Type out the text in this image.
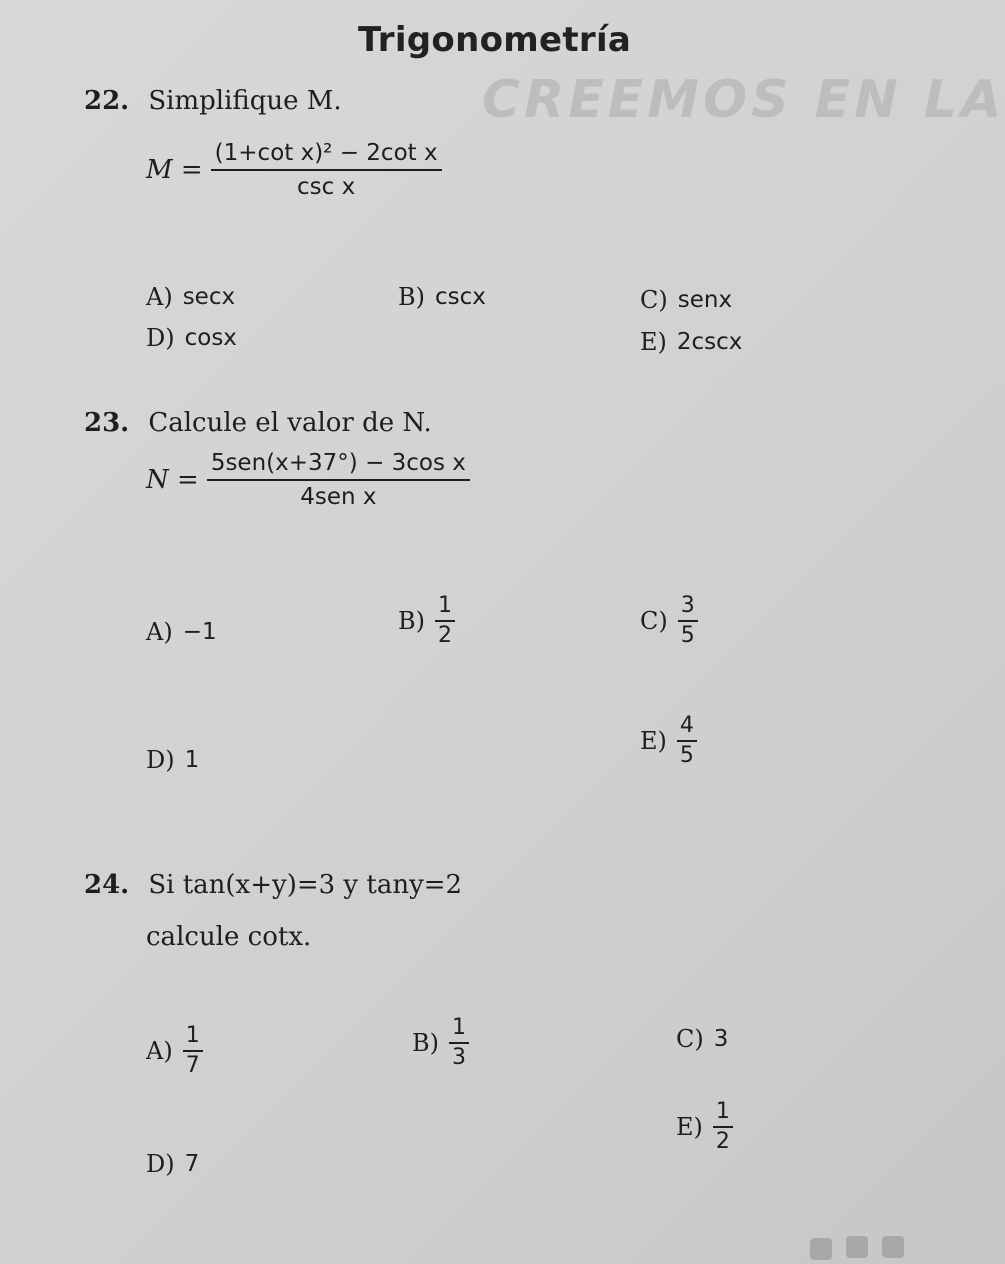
Trigonometría
CREEMOS EN LA
22. Simplifique M.
$M = \frac{\text{(1+cot x)² − 2cot x}}{\text{csc x}}$
A) secx	B) cscx	C) senx
D) cosx	E) 2cscx
23. Calcule el valor de N.
$N = \frac{\text{5sen(x+37°) − 3cos x}}{\text{4sen x}}$
A) −1	$B) \frac{1}{2}$	$C) \frac{3}{5}$
D) 1
$E) \frac{4}{5}$
24. Si tan(x+y)=3 y tany=2
calcule cotx.
$A) \frac{1}{7}$	$B) \frac{1}{3}$	C) 3
D) 7
$E) \frac{1}{2}$
